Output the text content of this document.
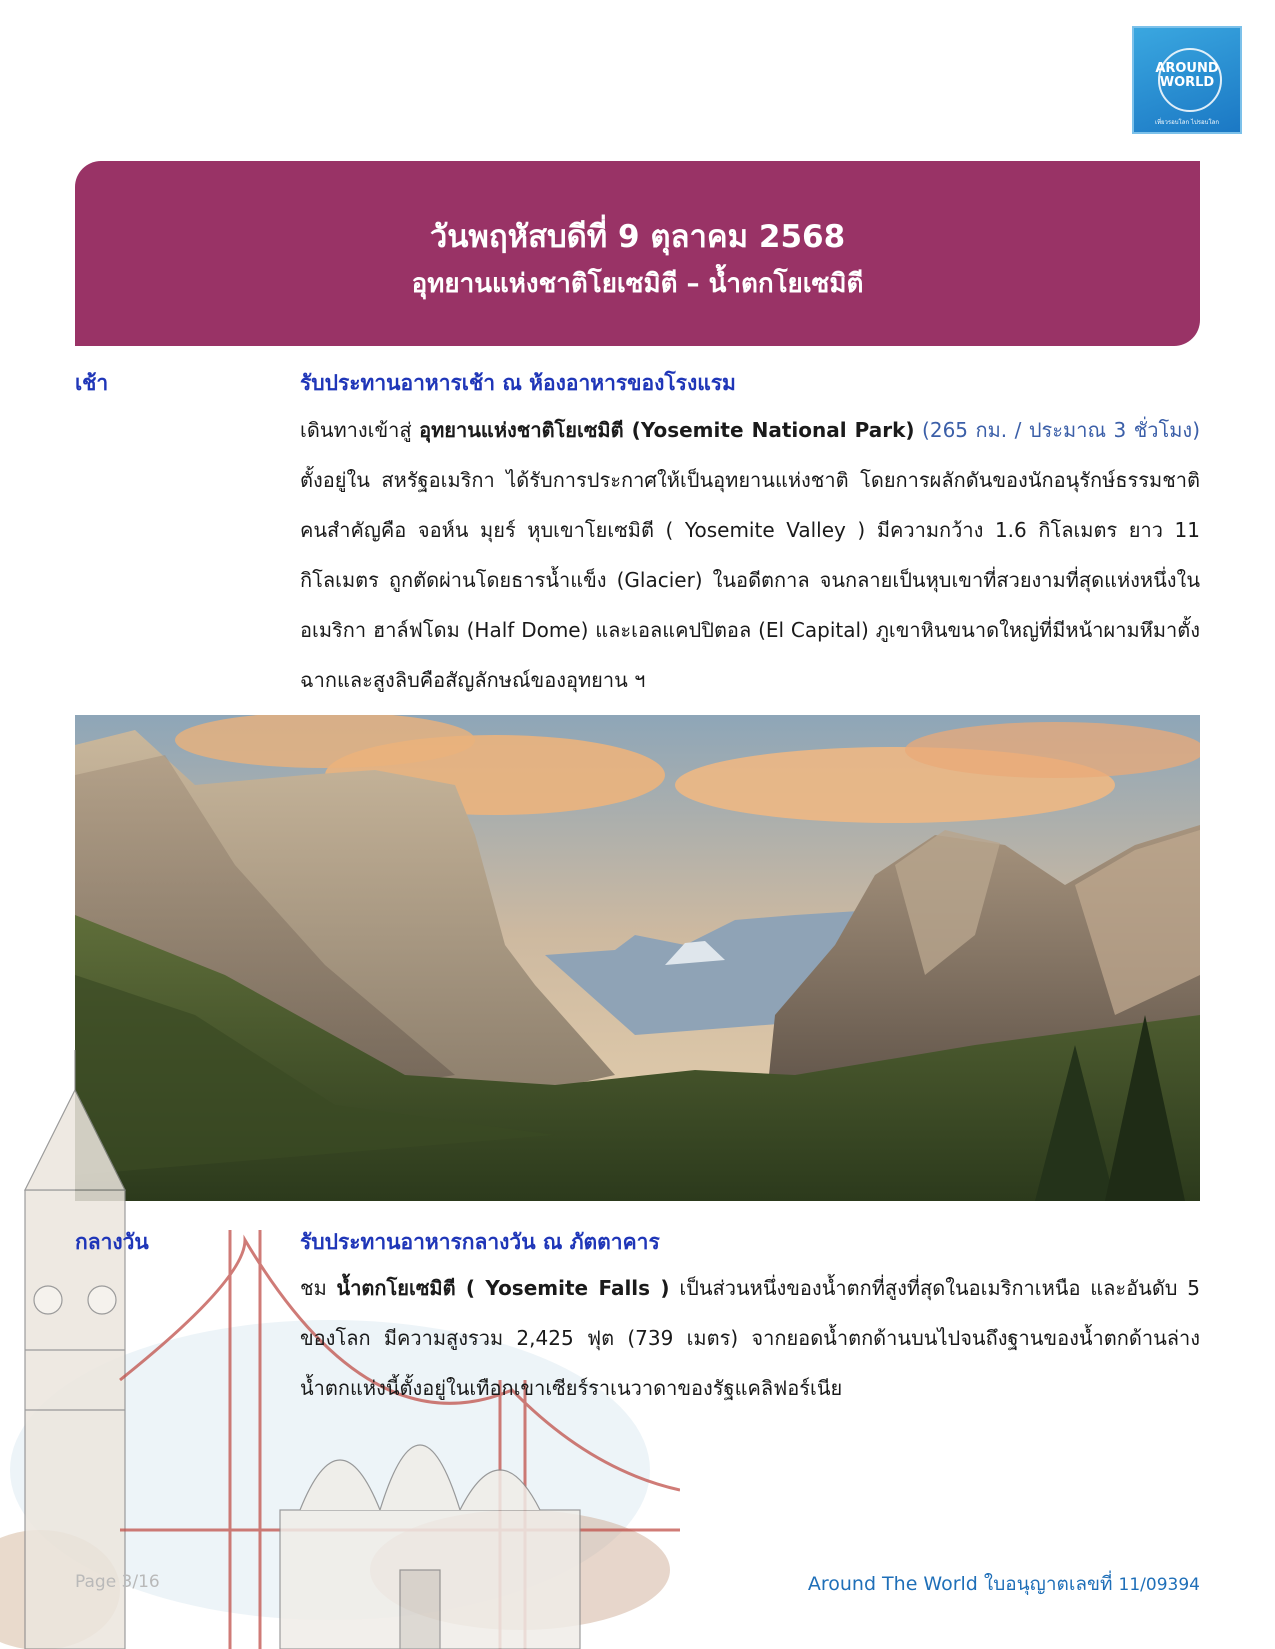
AROUND
WORLD
เที่ยวรอบโลก ไปรอบโลก
วันพฤหัสบดีที่ 9 ตุลาคม 2568
อุทยานแห่งชาติโยเซมิตี – น้ำตกโยเซมิตี
เช้า	รับประทานอาหารเช้า ณ ห้องอาหารของโรงแรม
เดินทางเข้าสู่ อุทยานแห่งชาติโยเซมิตี (Yosemite National Park) (265 กม. / ประมาณ 3 ชั่วโมง) ตั้งอยู่ใน สหรัฐอเมริกา ได้รับการประกาศให้เป็นอุทยานแห่งชาติ โดยการผลักดันของนักอนุรักษ์ธรรมชาติคนสำคัญคือ จอห์น มุยร์ หุบเขาโยเซมิตี ( Yosemite Valley ) มีความกว้าง 1.6 กิโลเมตร ยาว 11 กิโลเมตร ถูกตัดผ่านโดยธารน้ำแข็ง (Glacier) ในอดีตกาล จนกลายเป็นหุบเขาที่สวยงามที่สุดแห่งหนึ่งในอเมริกา ฮาล์ฟโดม (Half Dome) และเอลแคปปิตอล (El Capital) ภูเขาหินขนาดใหญ่ที่มีหน้าผามหึมาตั้งฉากและสูงลิบคือสัญลักษณ์ของอุทยาน ฯ
กลางวัน	รับประทานอาหารกลางวัน ณ ภัตตาคาร
ชม น้ำตกโยเซมิตี ( Yosemite Falls ) เป็นส่วนหนึ่งของน้ำตกที่สูงที่สุดในอเมริกาเหนือ และอันดับ 5 ของโลก มีความสูงรวม 2,425 ฟุต (739 เมตร) จากยอดน้ำตกด้านบนไปจนถึงฐานของน้ำตกด้านล่างน้ำตกแห่งนี้ตั้งอยู่ในเทือกเขาเซียร์ราเนวาดาของรัฐแคลิฟอร์เนีย
Page 3/16	Around The World ใบอนุญาตเลขที่ 11/09394
